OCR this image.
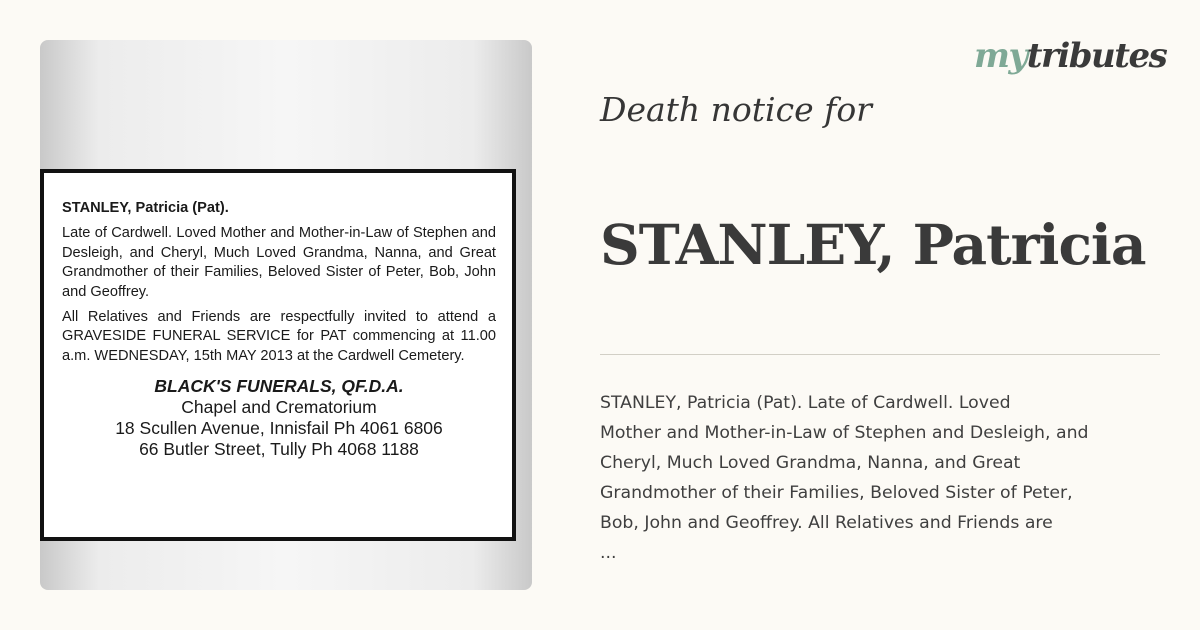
STANLEY, Patricia (Pat).

Late of Cardwell. Loved Mother and Mother-in-Law of Stephen and Desleigh, and Cheryl, Much Loved Grandma, Nanna, and Great Grandmother of their Families, Beloved Sister of Peter, Bob, John and Geoffrey.

All Relatives and Friends are respectfully invited to attend a GRAVESIDE FUNERAL SERVICE for PAT commencing at 11.00 a.m. WEDNESDAY, 15th MAY 2013 at the Cardwell Cemetery.

BLACK'S FUNERALS, QF.D.A.
Chapel and Crematorium
18 Scullen Avenue, Innisfail Ph 4061 6806
66 Butler Street, Tully Ph 4068 1188
mytributes
Death notice for
STANLEY, Patricia

STANLEY, Patricia (Pat). Late of Cardwell. Loved

Mother and Mother-in-Law of Stephen and Desleigh, and

Cheryl, Much Loved Grandma, Nanna, and Great

Grandmother of their Families, Beloved Sister of Peter,

Bob, John and Geoffrey. All Relatives and Friends are

...
